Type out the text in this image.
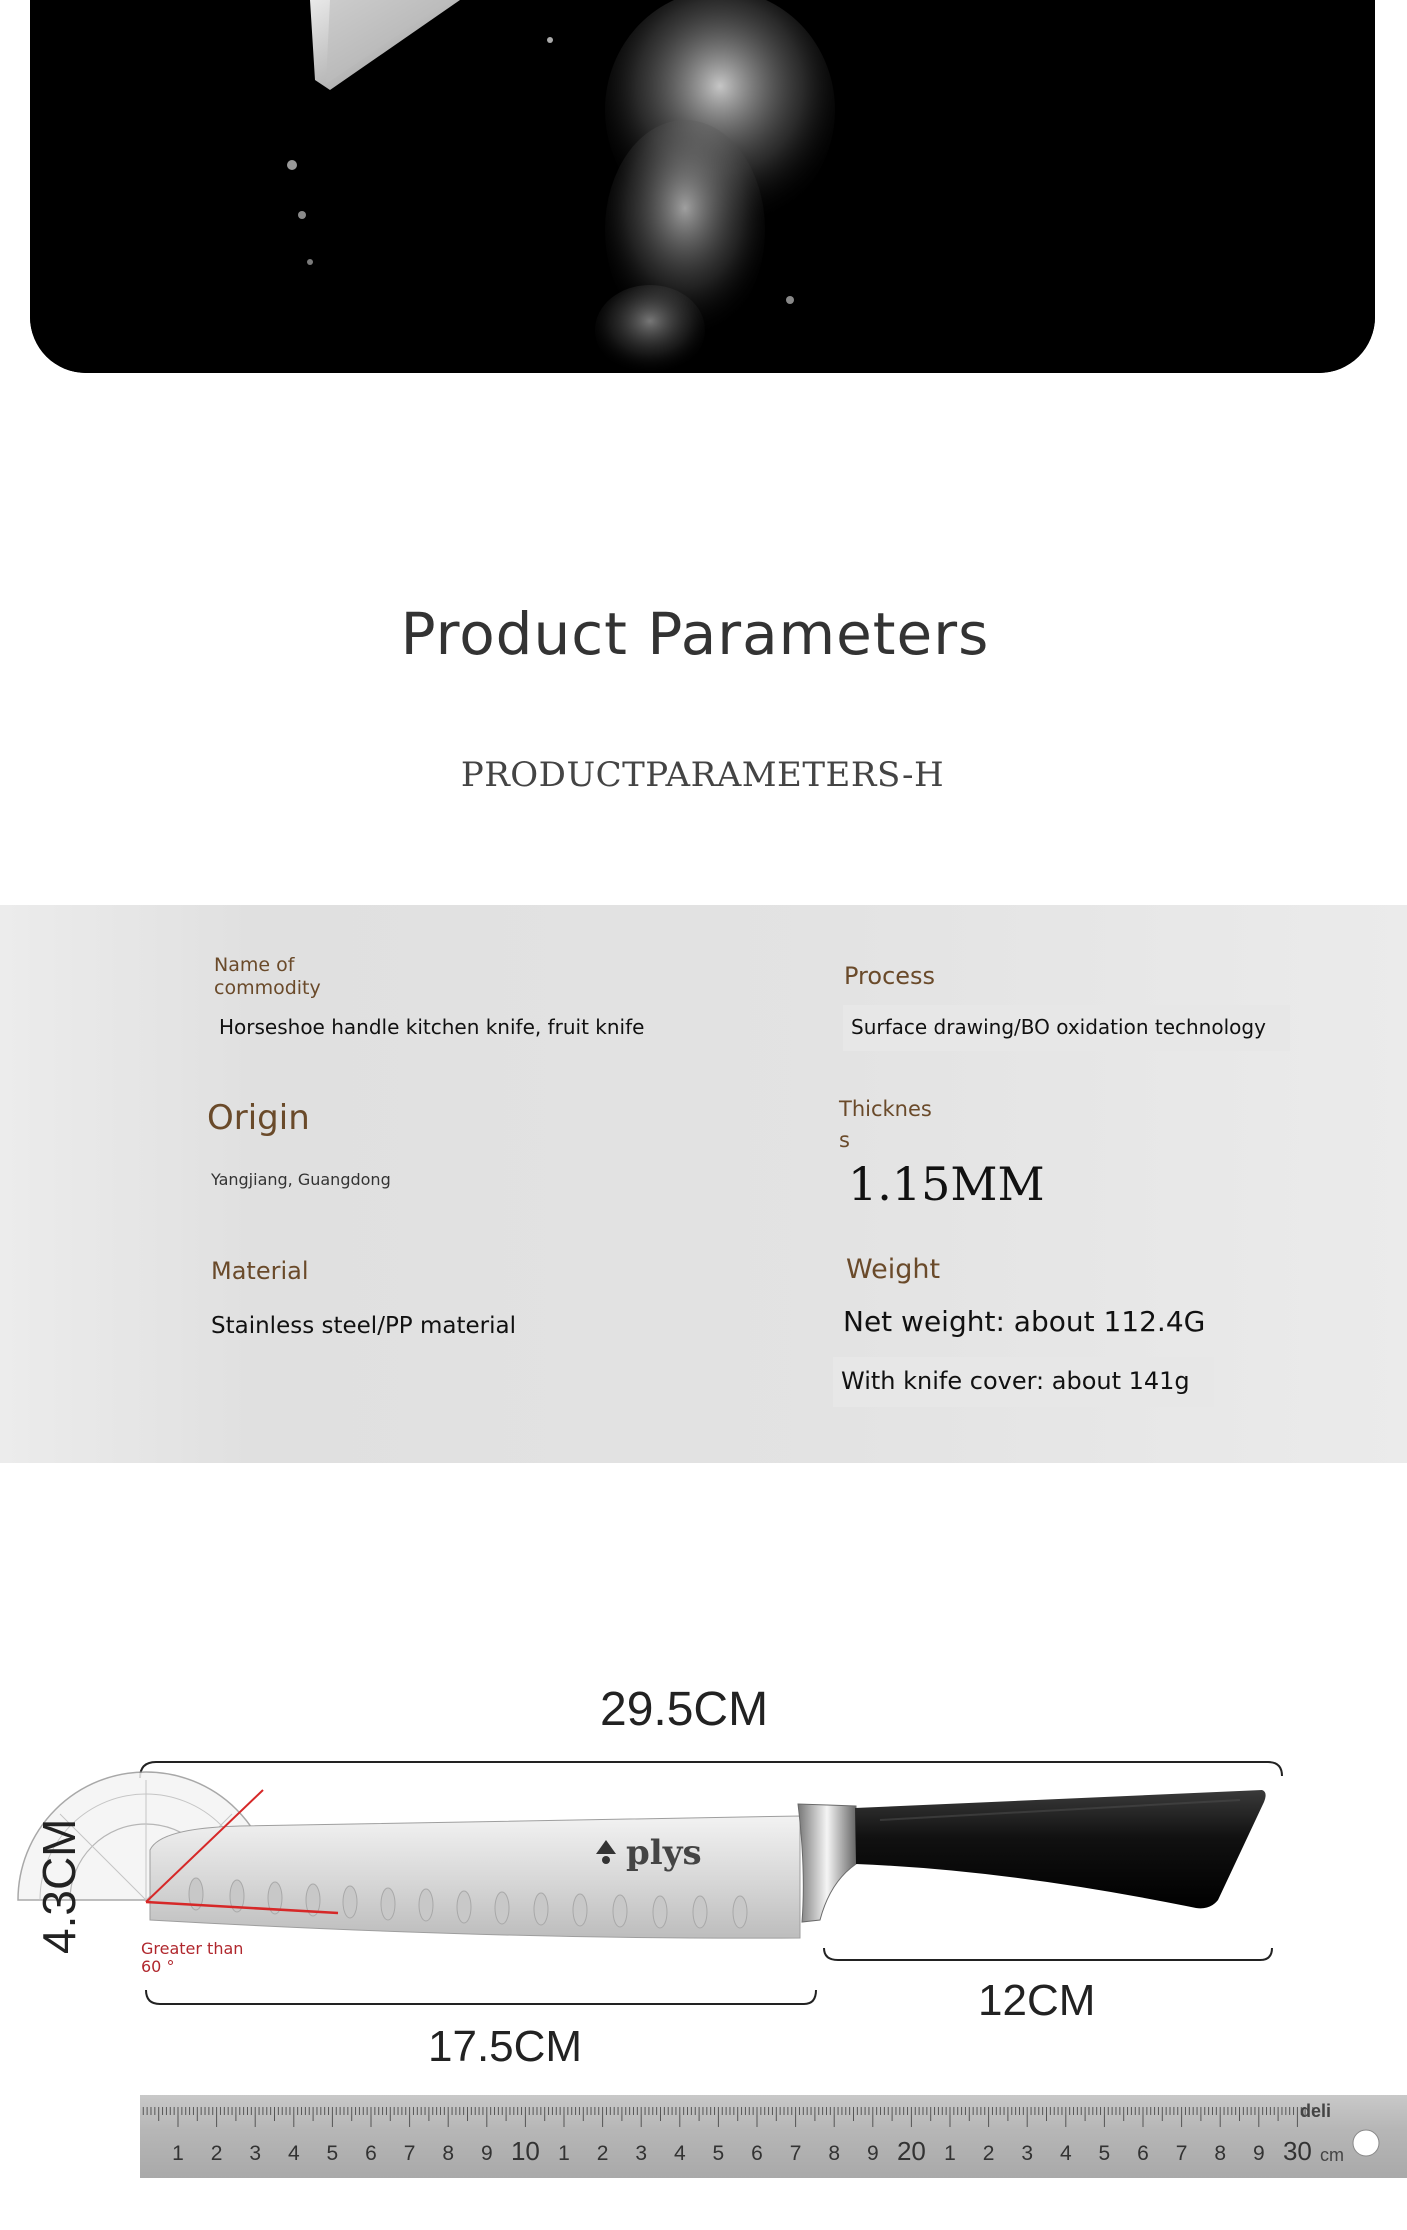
Product Parameters
PRODUCTPARAMETERS-H
Name of commodity
Horseshoe handle kitchen knife, fruit knife
Process
Surface drawing/BO oxidation technology
Origin
Yangjiang, Guangdong
Thicknes s
1.15MM
Material
Stainless steel/PP material
Weight
Net weight: about 112.4G
With knife cover: about 141g
29.5CM
plys
4.3CM	Greater than 60 °
17.5CM
12CM
1 2 3 4 5 6 7 8 9 10 1 2 3 4 5 6 7 8 9 20 1 2 3 4 5 6 7 8 9 30 cm
deli
